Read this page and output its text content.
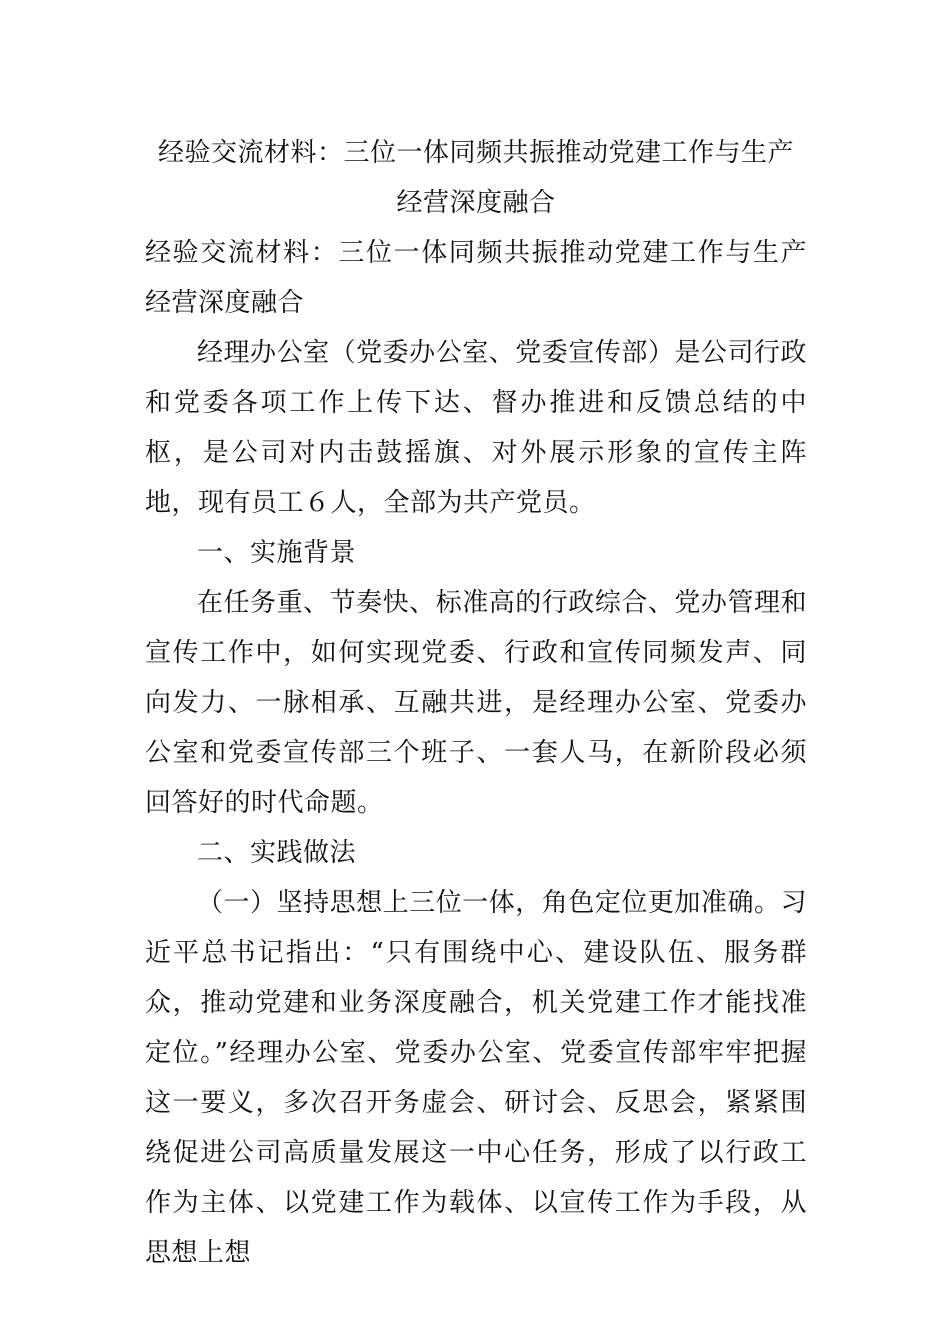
经验交流材料：三位一体同频共振推动党建工作与生产经营深度融合

经验交流材料：三位一体同频共振推动党建工作与生产经营深度融合

经理办公室（党委办公室、党委宣传部）是公司行政和党委各项工作上传下达、督办推进和反馈总结的中枢，是公司对内击鼓摇旗、对外展示形象的宣传主阵地，现有员工６人，全部为共产党员。

一、实施背景

在任务重、节奏快、标准高的行政综合、党办管理和宣传工作中，如何实现党委、行政和宣传同频发声、同向发力、一脉相承、互融共进，是经理办公室、党委办公室和党委宣传部三个班子、一套人马，在新阶段必须回答好的时代命题。

二、实践做法

（一）坚持思想上三位一体，角色定位更加准确。习近平总书记指出：“只有围绕中心、建设队伍、服务群众，推动党建和业务深度融合，机关党建工作才能找准定位。”经理办公室、党委办公室、党委宣传部牢牢把握这一要义，多次召开务虚会、研讨会、反思会，紧紧围绕促进公司高质量发展这一中心任务，形成了以行政工作为主体、以党建工作为载体、以宣传工作为手段，从思想上想
